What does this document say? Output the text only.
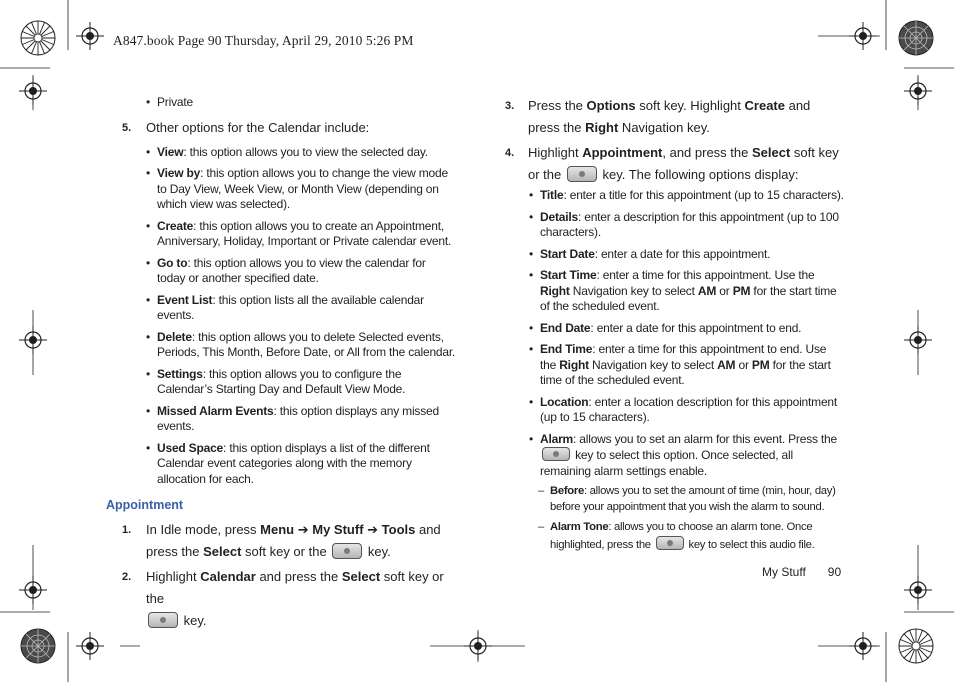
A847.book Page 90 Thursday, April 29, 2010 5:26 PM

• Private

5. Other options for the Calendar include:

• View: this option allows you to view the selected day.

• View by: this option allows you to change the view mode to Day View, Week View, or Month View (depending on which view was selected).

• Create: this option allows you to create an Appointment, Anniversary, Holiday, Important or Private calendar event.

• Go to: this option allows you to view the calendar for today or another specified date.

• Event List: this option lists all the available calendar events.

• Delete: this option allows you to delete Selected events, Periods, This Month, Before Date, or All from the calendar.

• Settings: this option allows you to configure the Calendar’s Starting Day and Default View Mode.

• Missed Alarm Events: this option displays any missed events.

• Used Space: this option displays a list of the different Calendar event categories along with the memory allocation for each.

Appointment
1. In Idle mode, press Menu ➔ My Stuff ➔ Tools and press the Select soft key or the	key.
2. Highlight Calendar and press the Select soft key or the
key.
3. Press the Options soft key. Highlight Create and press the Right Navigation key.
4. Highlight Appointment, and press the Select soft key or the	key. The following options display:

• Title: enter a title for this appointment (up to 15 characters).

• Details: enter a description for this appointment (up to 100 characters).

• Start Date: enter a date for this appointment.

• Start Time: enter a time for this appointment. Use the Right Navigation key to select AM or PM for the start time of the scheduled event.

• End Date: enter a date for this appointment to end.

• End Time: enter a time for this appointment to end. Use the Right Navigation key to select AM or PM for the start time of the scheduled event.

• Location: enter a location description for this appointment (up to 15 characters).

• Alarm: allows you to set an alarm for this event. Press the  key to select this option. Once selected, all remaining alarm settings enable.

– Before: allows you to set the amount of time (min, hour, day) before your appointment that you wish the alarm to sound.
– Alarm Tone: allows you to choose an alarm tone. Once highlighted, press the	key to select this audio file.
My Stuff 90
